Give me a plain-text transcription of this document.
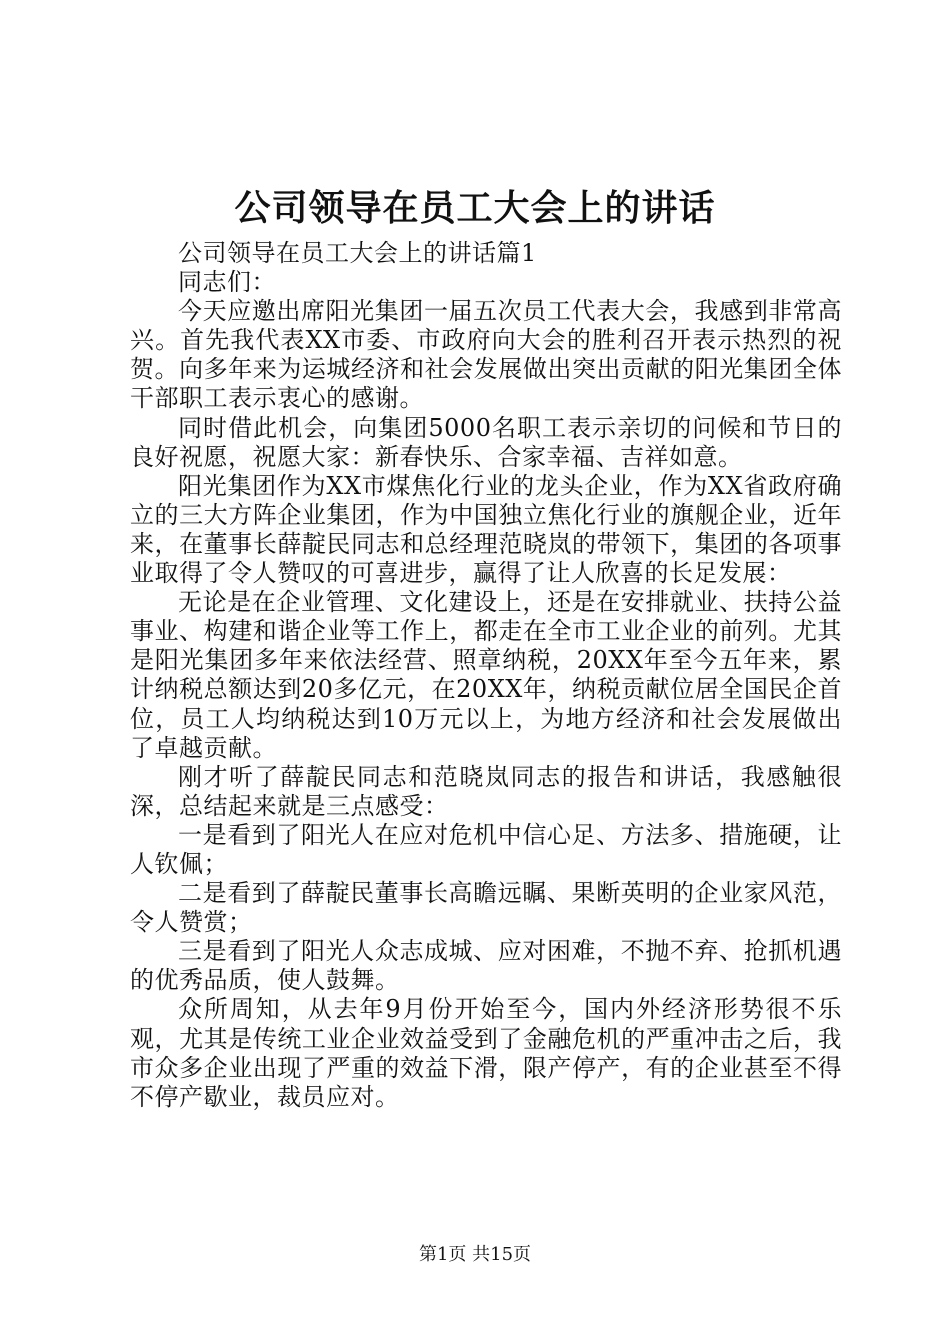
公司领导在员工大会上的讲话

公司领导在员工大会上的讲话篇1

同志们：

今天应邀出席阳光集团一届五次员工代表大会，我感到非常高兴。首先我代表XX市委、市政府向大会的胜利召开表示热烈的祝贺。向多年来为运城经济和社会发展做出突出贡献的阳光集团全体干部职工表示衷心的感谢。

同时借此机会，向集团5000名职工表示亲切的问候和节日的良好祝愿，祝愿大家：新春快乐、合家幸福、吉祥如意。

阳光集团作为XX市煤焦化行业的龙头企业，作为XX省政府确立的三大方阵企业集团，作为中国独立焦化行业的旗舰企业，近年来，在董事长薛靛民同志和总经理范晓岚的带领下，集团的各项事业取得了令人赞叹的可喜进步，赢得了让人欣喜的长足发展：

无论是在企业管理、文化建设上，还是在安排就业、扶持公益事业、构建和谐企业等工作上，都走在全市工业企业的前列。尤其是阳光集团多年来依法经营、照章纳税，20XX年至今五年来，累计纳税总额达到20多亿元，在20XX年，纳税贡献位居全国民企首位，员工人均纳税达到10万元以上，为地方经济和社会发展做出了卓越贡献。

刚才听了薛靛民同志和范晓岚同志的报告和讲话，我感触很深，总结起来就是三点感受：

一是看到了阳光人在应对危机中信心足、方法多、措施硬，让人钦佩；

二是看到了薛靛民董事长高瞻远瞩、果断英明的企业家风范，令人赞赏；

三是看到了阳光人众志成城、应对困难，不抛不弃、抢抓机遇的优秀品质，使人鼓舞。

众所周知，从去年9月份开始至今，国内外经济形势很不乐观，尤其是传统工业企业效益受到了金融危机的严重冲击之后，我市众多企业出现了严重的效益下滑，限产停产，有的企业甚至不得不停产歇业，裁员应对。

第1页 共15页
